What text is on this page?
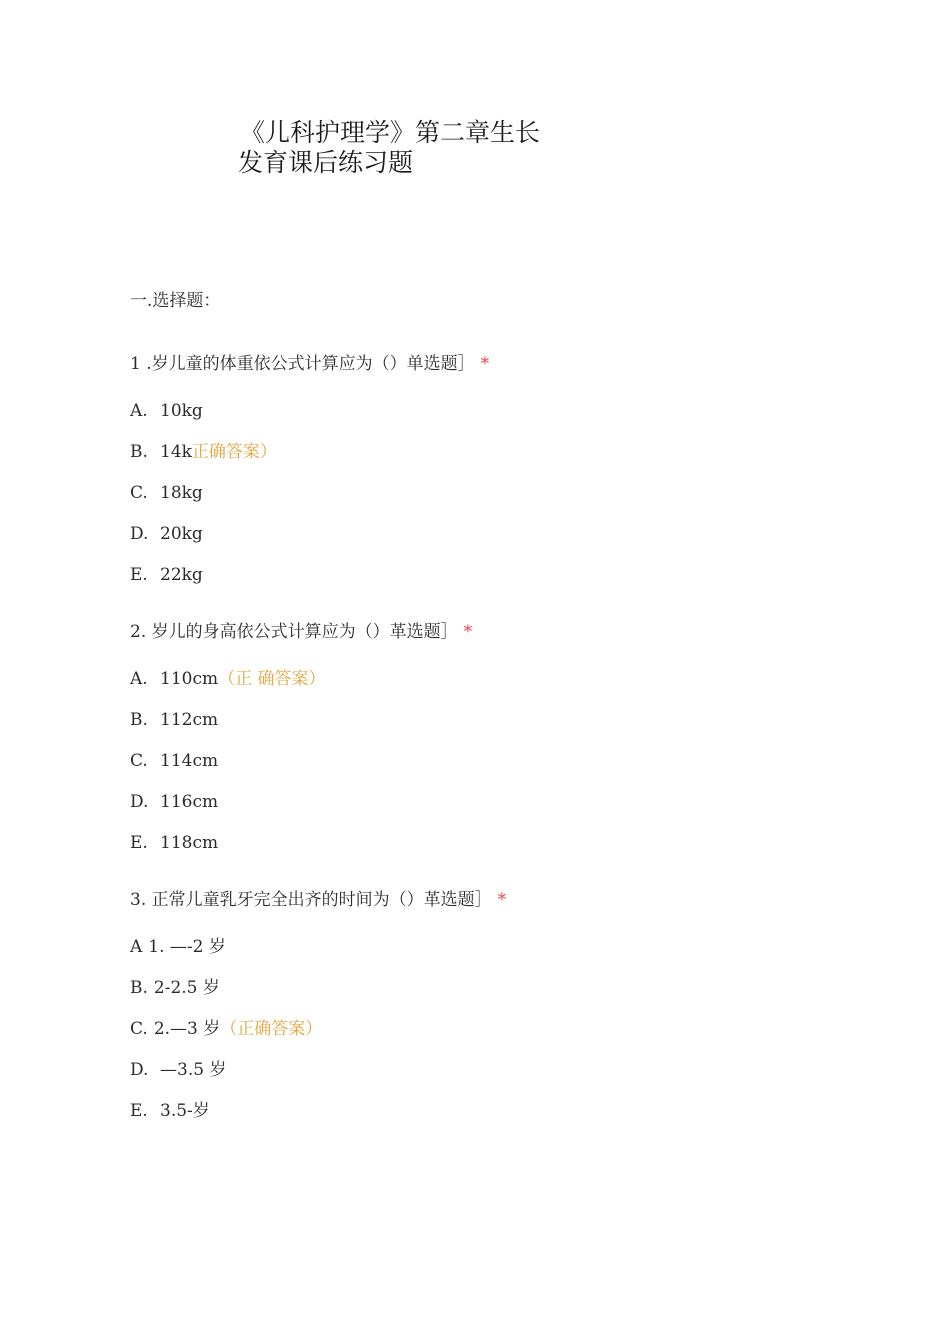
《儿科护理学》第二章生长
发育课后练习题
一.选择题：
1 .岁儿童的体重依公式计算应为（）单选题］ *
A. 10kg
B. 14k正确答案）
C. 18kg
D. 20kg
E. 22kg
2. 岁儿的身高依公式计算应为（）革选题］ *
A. 110cm（正 确答案）
B. 112cm
C. 114cm
D. 116cm
E. 118cm
3. 正常儿童乳牙完全出齐的时间为（）革选题］ *
A 1. —-2 岁
B. 2-2.5 岁
C. 2.—3 岁（正确答案）
D. —3.5 岁
E. 3.5-岁
